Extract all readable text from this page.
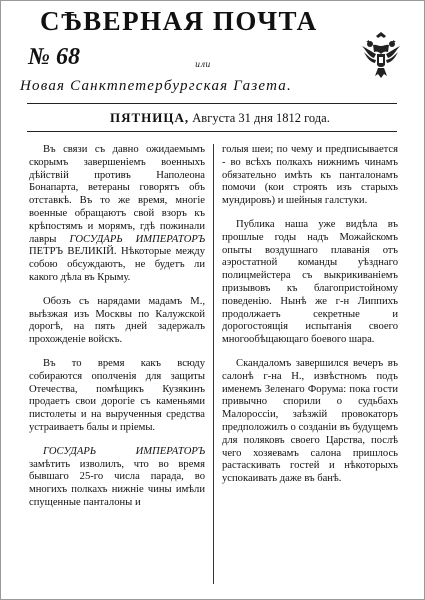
СѢВЕРНАЯ ПОЧТА
№ 68	или
Новая Санктпетербургская Газета.
ПЯТНИЦА, Августа 31 дня 1812 года.

Въ связи съ давно ожидаемымъ скорымъ завершеніемъ военныхъ дѣйствій противъ Наполеона Бонапарта, ветераны говорятъ объ отставкѣ. Въ то же время, многіе военные обращаютъ свой взоръ къ крѣпостямъ и морямъ, гдѣ пожинали лавры ГОСУДАРЬ ИМПЕРАТОРЪ ПЕТРЪ ВЕЛИКІЙ. Нѣкоторые между собою обсуждаютъ, не будетъ ли какого дѣла въ Крыму.

Обозъ съ нарядами мадамъ М., выѣзжая изъ Москвы по Калужской дорогѣ, на пять дней задержалъ прохожденіе войскъ.

Въ то время какъ всюду собираются ополченія для защиты Отечества, помѣщикъ Кузякинъ продаетъ свои дорогіе съ каменьями пистолеты и на вырученныя средства устраиваетъ балы и пріемы.

ГОСУДАРЬ ИМПЕРАТОРЪ замѣтить изволилъ, что во время бывшаго 25-го числа парада, во многихъ полкахъ нижніе чины имѣли спущенные панталоны и

голыя шеи; по чему и предписывается - во всѣхъ полкахъ нижнимъ чинамъ обязательно имѣть къ панталонамъ помочи (кои строять изъ старыхъ мундировъ) и шейныя галстуки.

Публика наша уже видѣла въ прошлые годы надъ Можайскомъ опыты воздушнаго плаванія отъ аэростатной команды уѣзднаго полицмейстера съ выкрикиваніемъ призывовъ къ благопристойному поведенію. Нынѣ же г-н Липпихъ продолжаетъ секретные и дорогостоящія испытанія своего многообѣщающаго боевого шара.

Скандаломъ завершился вечеръ въ салонѣ г-на Н., извѣстномъ подъ именемъ Зеленаго Форума: пока гости привычно спорили о судьбахъ Малороссіи, заѣзжій провокаторъ предположилъ о созданіи въ будущемъ для поляковъ своего Царства, послѣ чего хозяевамъ салона пришлось растаскивать гостей и нѣкоторыхъ успокаивать даже въ банѣ.
